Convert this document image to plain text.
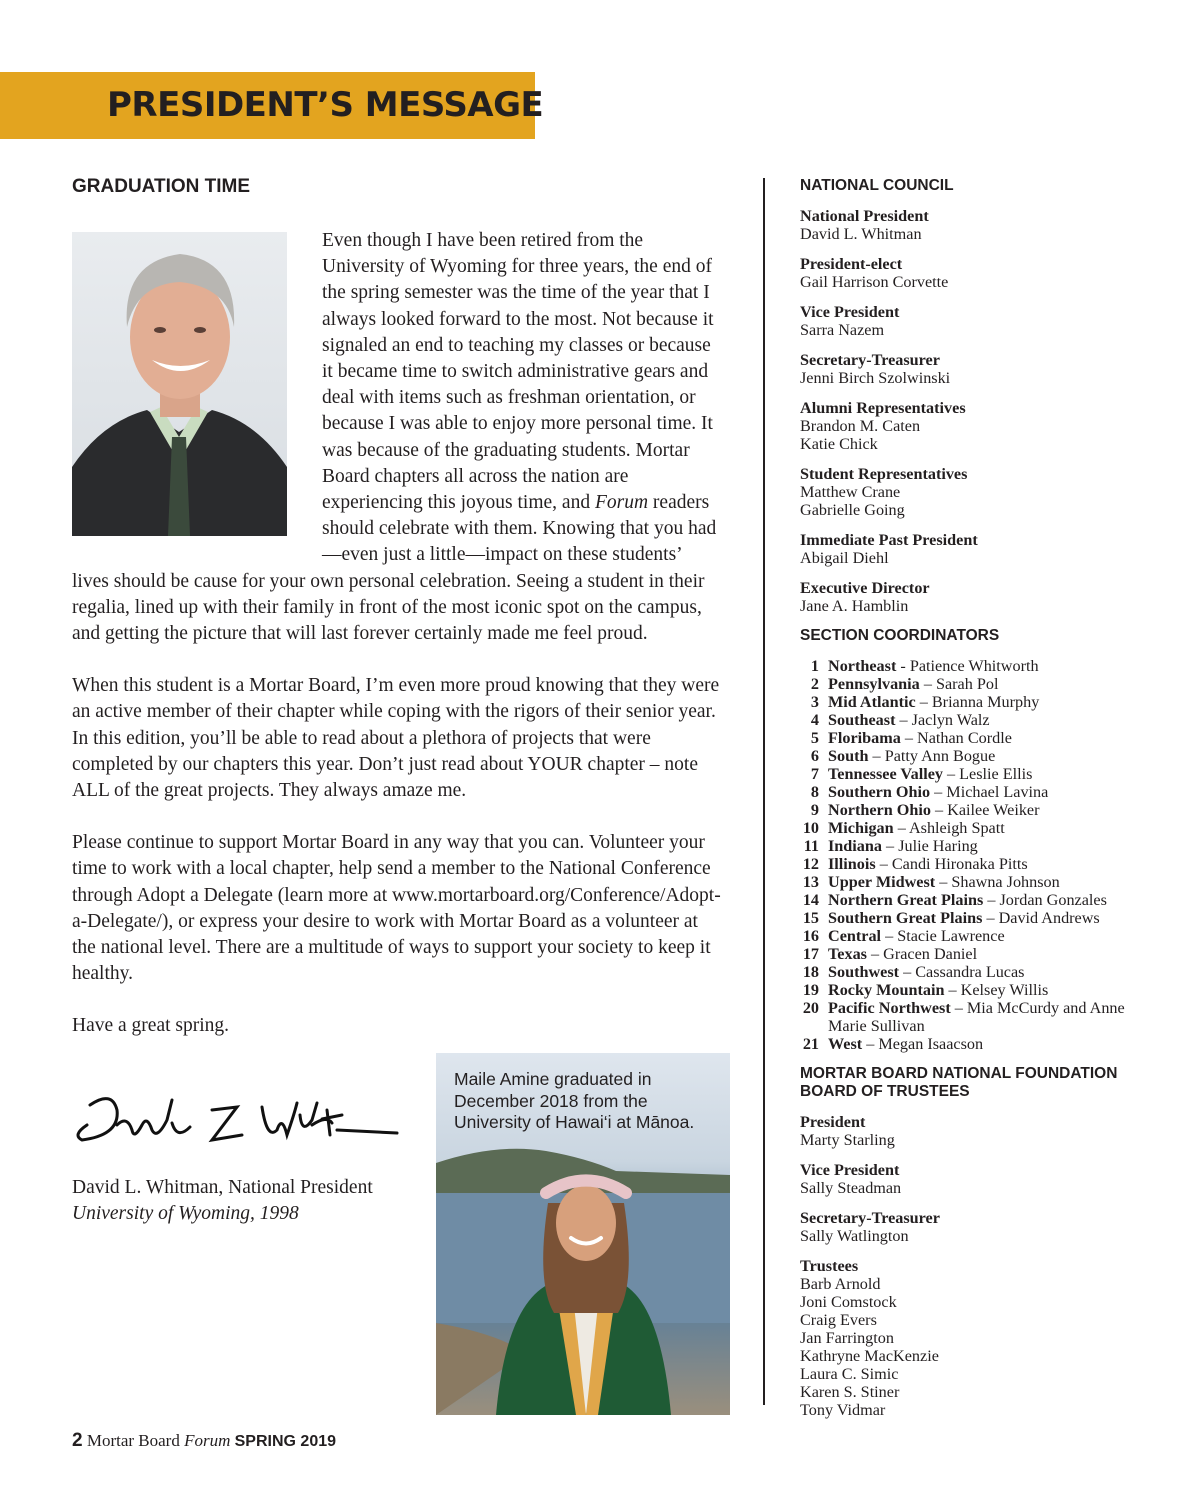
PRESIDENT’S MESSAGE
GRADUATION TIME

Even though I have been retired from the University of Wyoming for three years, the end of the spring semester was the time of the year that I always looked forward to the most. Not because it signaled an end to teaching my classes or because it became time to switch administrative gears and deal with items such as freshman orientation, or because I was able to enjoy more personal time. It was because of the graduating students. Mortar Board chapters all across the nation are experiencing this joyous time, and Forum readers should celebrate with them. Knowing that you had—even just a little—impact on these students’ lives should be cause for your own personal celebration. Seeing a student in their regalia, lined up with their family in front of the most iconic spot on the campus, and getting the picture that will last forever certainly made me feel proud.

When this student is a Mortar Board, I’m even more proud knowing that they were an active member of their chapter while coping with the rigors of their senior year. In this edition, you’ll be able to read about a plethora of projects that were completed by our chapters this year. Don’t just read about YOUR chapter – note ALL of the great projects. They always amaze me.

Please continue to support Mortar Board in any way that you can. Volunteer your time to work with a local chapter, help send a member to the National Conference through Adopt a Delegate (learn more at www.mortarboard.org/Conference/Adopt-a-Delegate/), or express your desire to work with Mortar Board as a volunteer at the national level. There are a multitude of ways to support your society to keep it healthy.

Have a great spring.

David L. Whitman, National President
University of Wyoming, 1998
Maile Amine graduated in December 2018 from the University of Hawai‘i at Mānoa.
2 Mortar Board Forum SPRING 2019
NATIONAL COUNCIL
National President
David L. Whitman
President-elect
Gail Harrison Corvette
Vice President
Sarra Nazem
Secretary-Treasurer
Jenni Birch Szolwinski
Alumni Representatives
Brandon M. Caten
Katie Chick
Student Representatives
Matthew Crane
Gabrielle Going
Immediate Past President
Abigail Diehl
Executive Director
Jane A. Hamblin
SECTION COORDINATORS
1 Northeast - Patience Whitworth
2 Pennsylvania – Sarah Pol
3 Mid Atlantic – Brianna Murphy
4 Southeast – Jaclyn Walz
5 Floribama – Nathan Cordle
6 South – Patty Ann Bogue
7 Tennessee Valley – Leslie Ellis
8 Southern Ohio – Michael Lavina
9 Northern Ohio – Kailee Weiker
10 Michigan – Ashleigh Spatt
11 Indiana – Julie Haring
12 Illinois – Candi Hironaka Pitts
13 Upper Midwest – Shawna Johnson
14 Northern Great Plains – Jordan Gonzales
15 Southern Great Plains – David Andrews
16 Central – Stacie Lawrence
17 Texas – Gracen Daniel
18 Southwest – Cassandra Lucas
19 Rocky Mountain – Kelsey Willis
20 Pacific Northwest – Mia McCurdy and Anne Marie Sullivan
21 West – Megan Isaacson
MORTAR BOARD NATIONAL FOUNDATION BOARD OF TRUSTEES
President
Marty Starling
Vice President
Sally Steadman
Secretary-Treasurer
Sally Watlington
Trustees
Barb Arnold
Joni Comstock
Craig Evers
Jan Farrington
Kathryne MacKenzie
Laura C. Simic
Karen S. Stiner
Tony Vidmar
